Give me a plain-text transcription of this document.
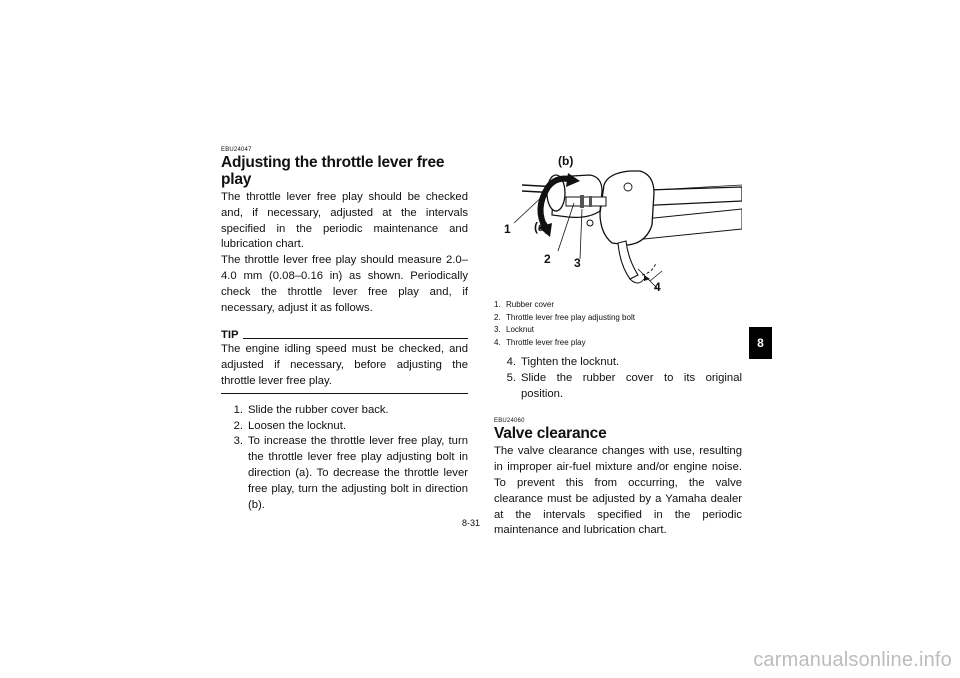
EBU24047

Adjusting the throttle lever free play

The throttle lever free play should be checked and, if necessary, adjusted at the intervals specified in the periodic maintenance and lubrication chart.

The throttle lever free play should measure 2.0–4.0 mm (0.08–0.16 in) as shown. Periodically check the throttle lever free play and, if necessary, adjust it as follows.

TIP

The engine idling speed must be checked, and adjusted if necessary, before adjusting the throttle lever free play.

1. Slide the rubber cover back.
2. Loosen the locknut.
3. To increase the throttle lever free play, turn the throttle lever free play adjusting bolt in direction (a). To decrease the throttle lever free play, turn the adjusting bolt in direction (b).
1
2 3
4
(a)
(b)
1. Rubber cover
2. Throttle lever free play adjusting bolt
3. Locknut
4. Throttle lever free play
4. Tighten the locknut.
5. Slide the rubber cover to its original position.

EBU24060

Valve clearance

The valve clearance changes with use, resulting in improper air-fuel mixture and/or engine noise. To prevent this from occurring, the valve clearance must be adjusted by a Yamaha dealer at the intervals specified in the periodic maintenance and lubrication chart.

8-31
8
carmanualsonline.info
